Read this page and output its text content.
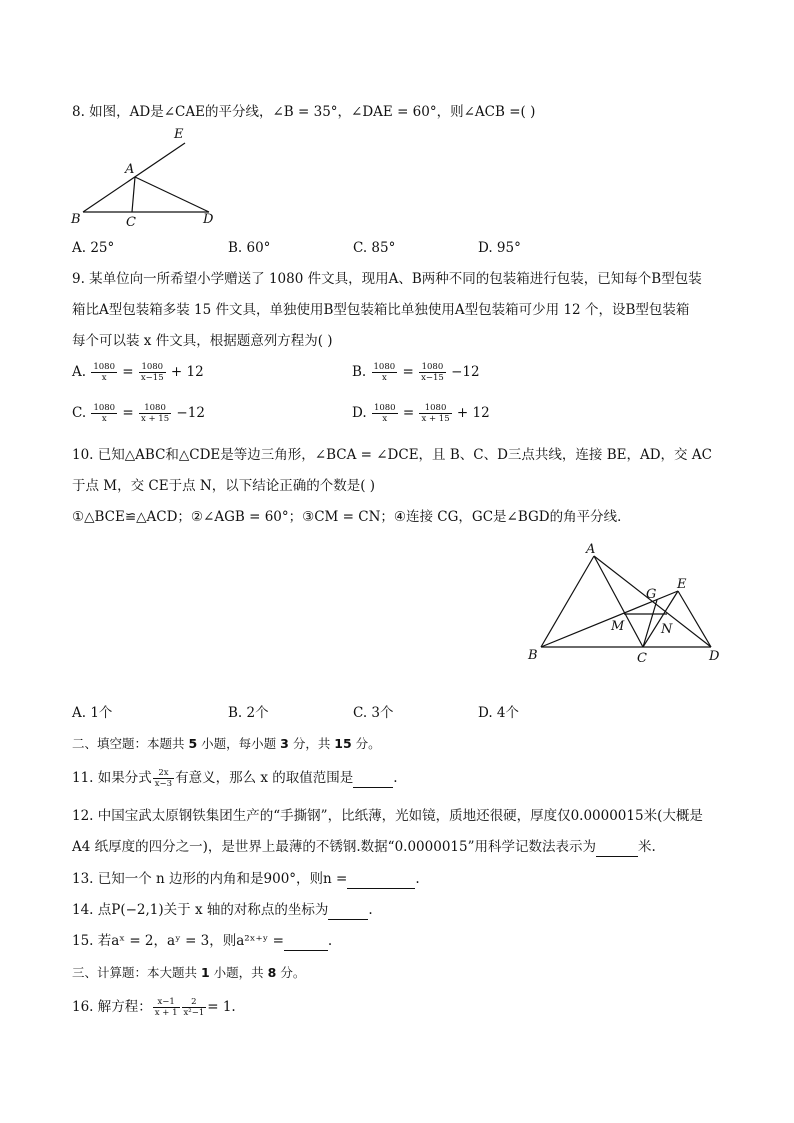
8. 如图，AD是∠CAE的平分线，∠B = 35°，∠DAE = 60°，则∠ACB =( )
E
A
B	C	D
A. 25°	B. 60°	C. 85°	D. 95°
9. 某单位向一所希望小学赠送了 1080 件文具，现用A、B两种不同的包装箱进行包装，已知每个B型包装
箱比A型包装箱多装 15 件文具，单独使用B型包装箱比单独使用A型包装箱可少用 12 个，设B型包装箱
每个可以装 x 件文具，根据题意列方程为( )
A. $\frac{1080}{x} = \frac{1080}{x-15} + 12$	B. $\frac{1080}{x} = \frac{1080}{x-15} -12$
C. $\frac{1080}{x} = \frac{1080}{x + 15} -12$	D. $\frac{1080}{x} = \frac{1080}{x + 15} + 12$
10. 已知△ABC和△CDE是等边三角形，∠BCA = ∠DCE，且 B、C、D三点共线，连接 BE，AD，交 AC
于点 M，交 CE于点 N，以下结论正确的个数是( )
①△BCE≌△ACD；②∠AGB = 60°；③CM = CN；④连接 CG，GC是∠BGD的角平分线．
A
E
G
M	N
B	C	D
A. 1个	B. 2个	C. 3个	D. 4个
二、填空题：本题共 5 小题，每小题 3 分，共 15 分。
11. 如果分式 $\frac{2x}{x-3}$ 有意义，那么 x 的取值范围是	.
12. 中国宝武太原钢铁集团生产的“手撕钢”，比纸薄，光如镜，质地还很硬，厚度仅0.0000015米(大概是
A4 纸厚度的四分之一)，是世界上最薄的不锈钢.数据“0.0000015”用科学记数法表示为	米.
13. 已知一个 n 边形的内角和是900°，则n =	.
14. 点P(−2,1)关于 x 轴的对称点的坐标为	.
15. 若aˣ = 2，aʸ = 3，则a²ˣ⁺ʸ =	.
三、计算题：本大题共 1 小题，共 8 分。
16. 解方程： $\frac{x-1}{x + 1} \frac{2}{\text{x²−1}} = 1$.
